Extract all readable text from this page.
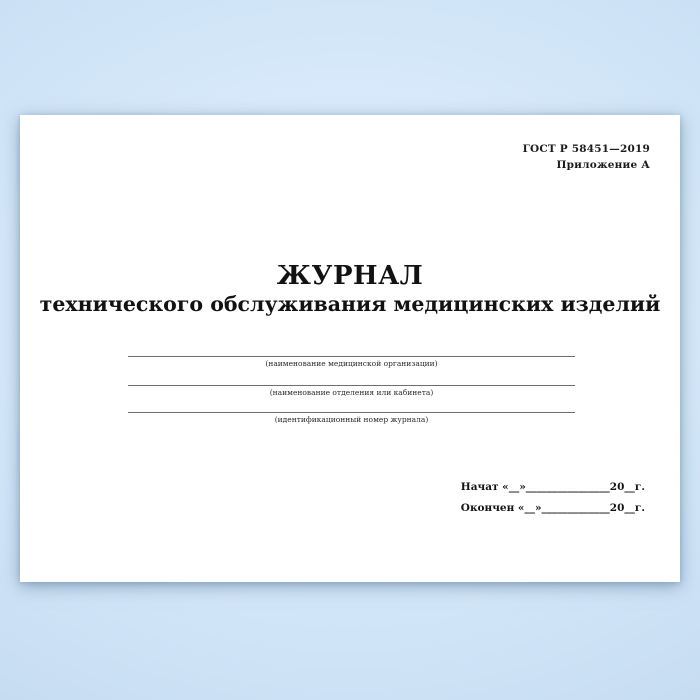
ГОСТ Р 58451—2019
Приложение А
ЖУРНАЛ
технического обслуживания медицинских изделий
(наименование медицинской организации)
(наименование отделения или кабинета)
(идентификационный номер журнала)
Начат «__»________________20__г.
Окончен «__»_____________20__г.
